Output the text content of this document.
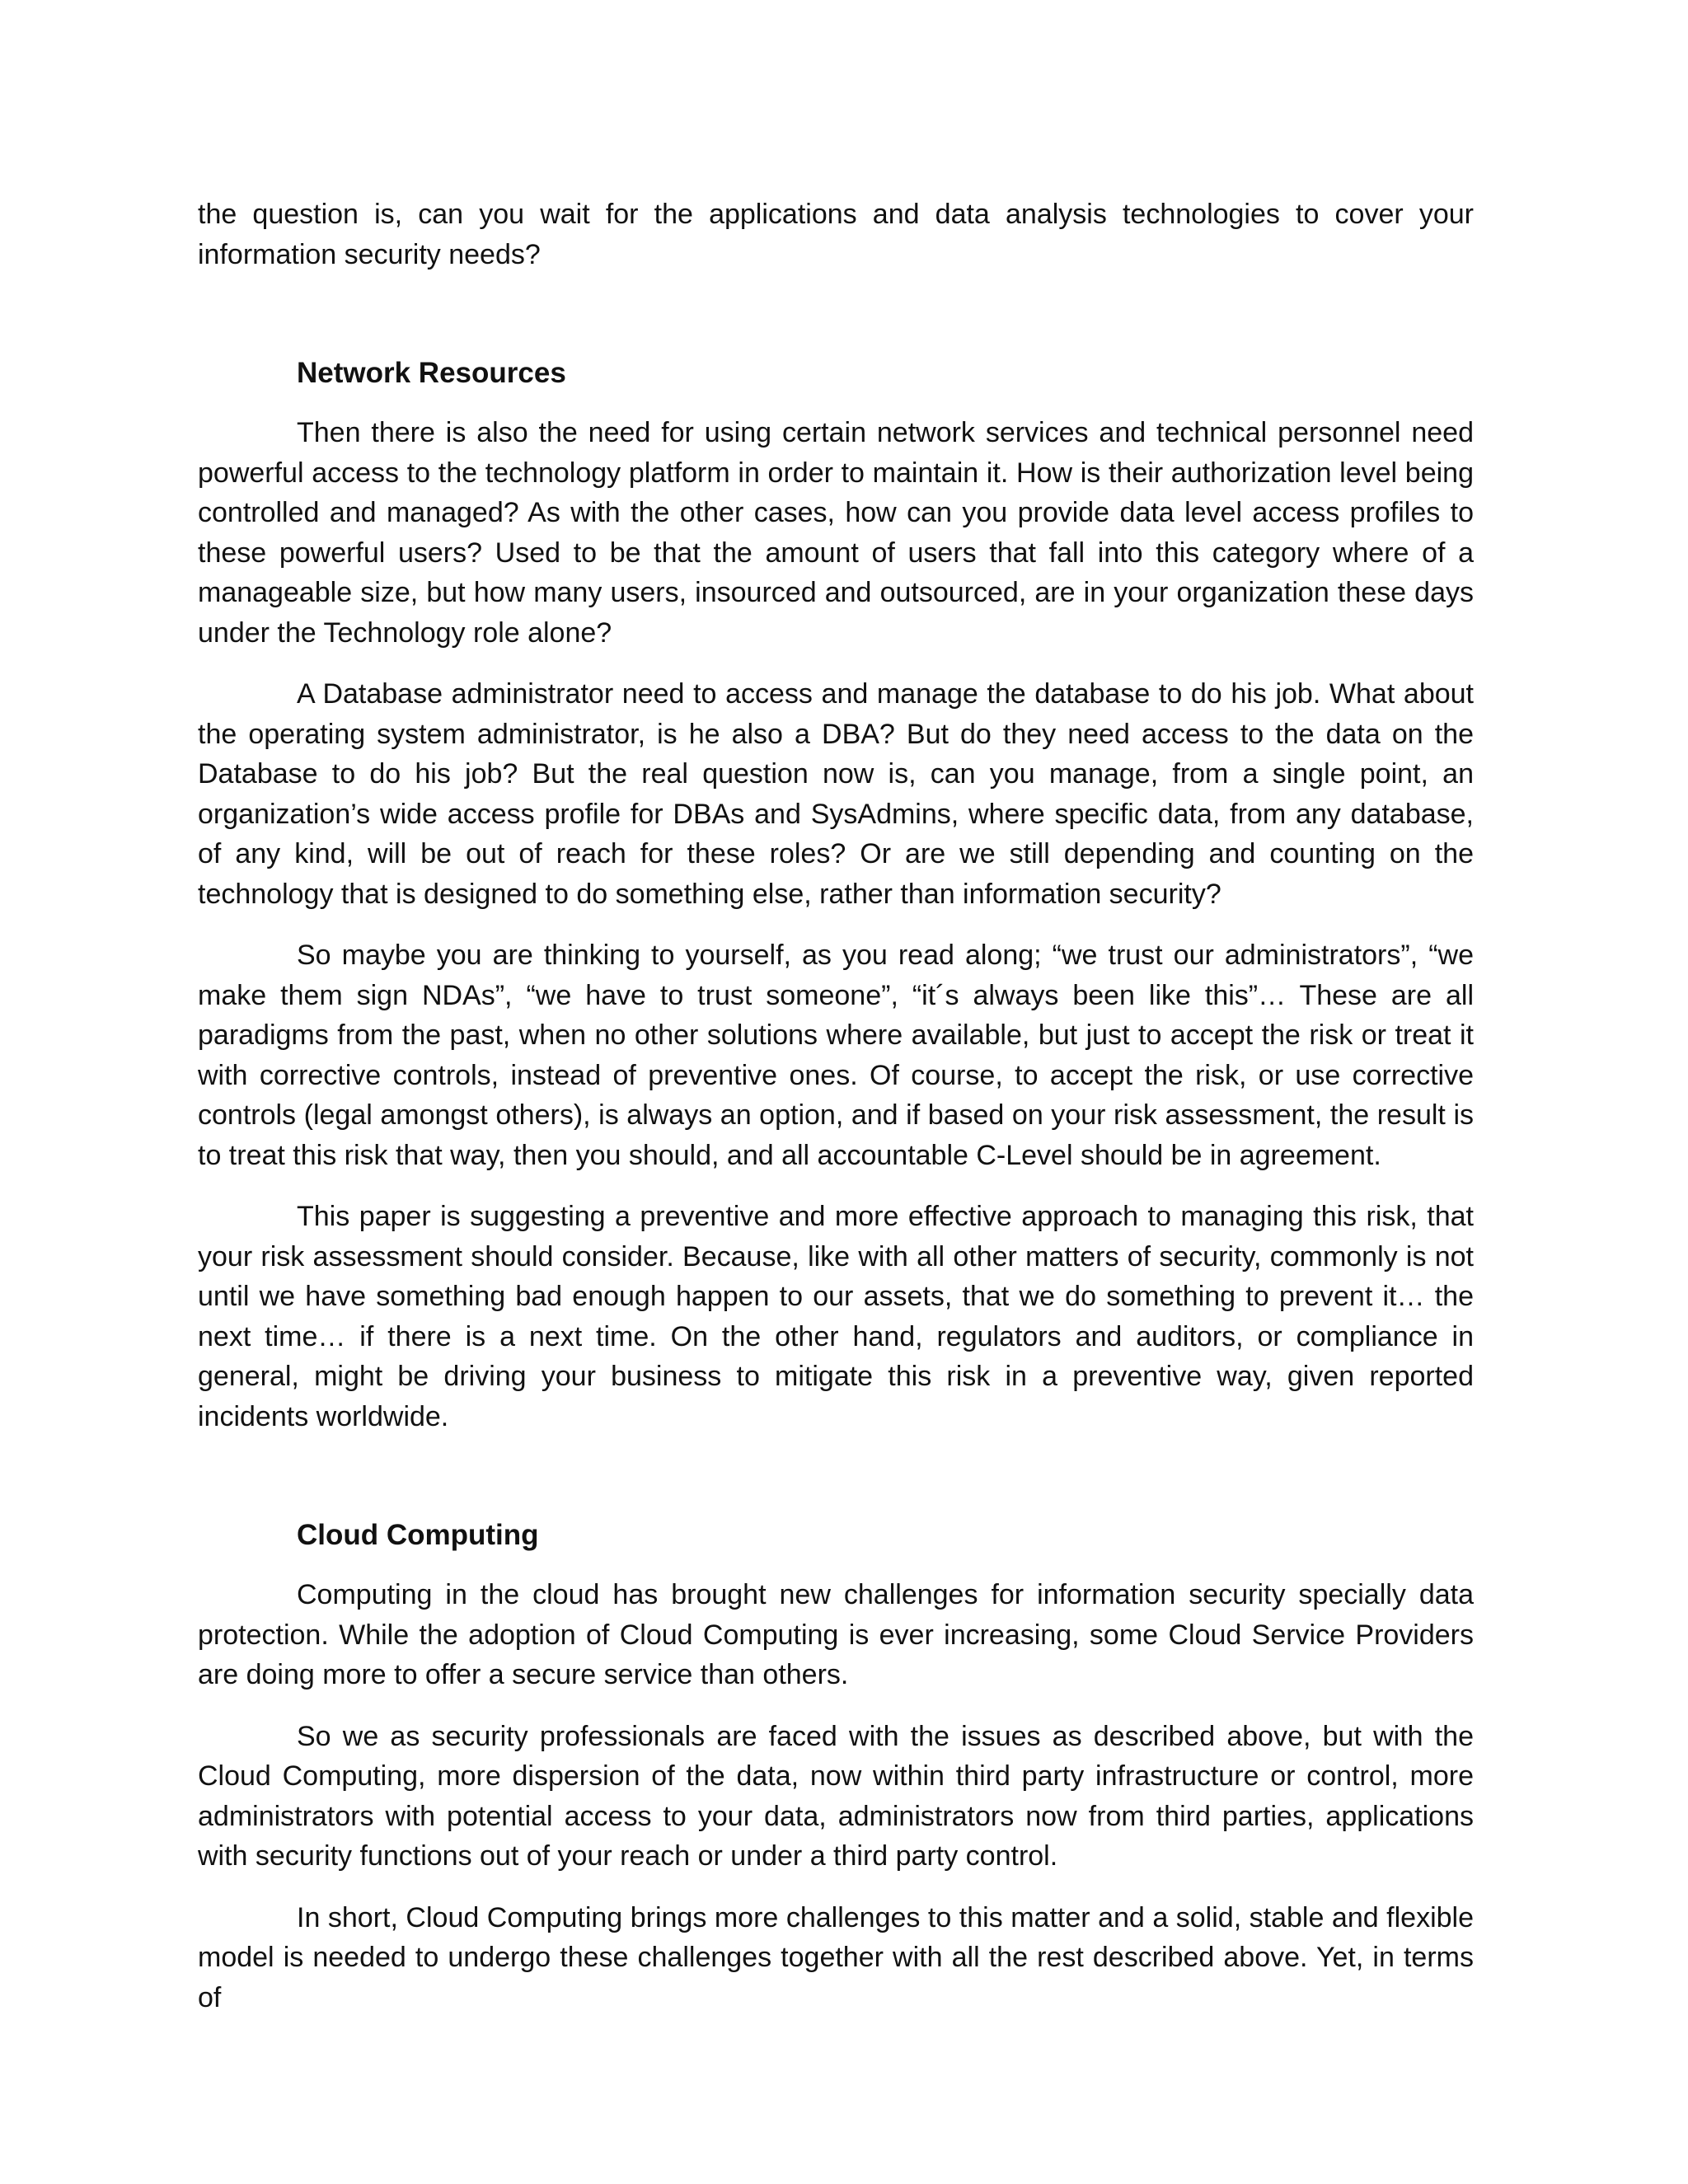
the question is, can you wait for the applications and data analysis technologies to cover your information security needs?

Network Resources

Then there is also the need for using certain network services and technical personnel need powerful access to the technology platform in order to maintain it. How is their authorization level being controlled and managed? As with the other cases, how can you provide data level access profiles to these powerful users? Used to be that the amount of users that fall into this category where of a manageable size, but how many users, insourced and outsourced, are in your organization these days under the Technology role alone?

A Database administrator need to access and manage the database to do his job. What about the operating system administrator, is he also a DBA? But do they need access to the data on the Database to do his job? But the real question now is, can you manage, from a single point, an organization’s wide access profile for DBAs and SysAdmins, where specific data, from any database, of any kind, will be out of reach for these roles? Or are we still depending and counting on the technology that is designed to do something else, rather than information security?

So maybe you are thinking to yourself, as you read along; “we trust our administrators”, “we make them sign NDAs”, “we have to trust someone”, “it´s always been like this”… These are all paradigms from the past, when no other solutions where available, but just to accept the risk or treat it with corrective controls, instead of preventive ones. Of course, to accept the risk, or use corrective controls (legal amongst others), is always an option, and if based on your risk assessment, the result is to treat this risk that way, then you should, and all accountable C-Level should be in agreement.

This paper is suggesting a preventive and more effective approach to managing this risk, that your risk assessment should consider. Because, like with all other matters of security, commonly is not until we have something bad enough happen to our assets, that we do something to prevent it… the next time… if there is a next time. On the other hand, regulators and auditors, or compliance in general, might be driving your business to mitigate this risk in a preventive way, given reported incidents worldwide.

Cloud Computing

Computing in the cloud has brought new challenges for information security specially data protection. While the adoption of Cloud Computing is ever increasing, some Cloud Service Providers are doing more to offer a secure service than others.

So we as security professionals are faced with the issues as described above, but with the Cloud Computing, more dispersion of the data, now within third party infrastructure or control, more administrators with potential access to your data, administrators now from third parties, applications with security functions out of your reach or under a third party control.

In short, Cloud Computing brings more challenges to this matter and a solid, stable and flexible model is needed to undergo these challenges together with all the rest described above. Yet, in terms of
